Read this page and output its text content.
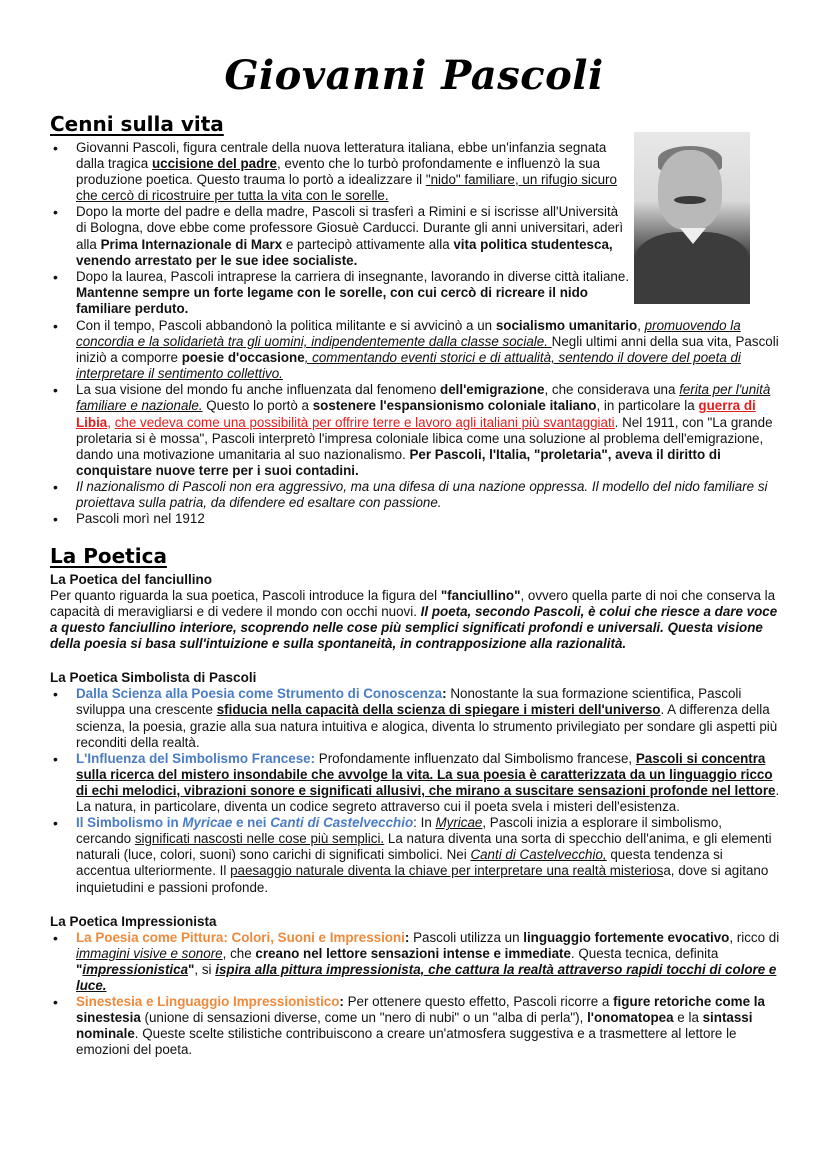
Giovanni Pascoli
Cenni sulla vita
• Giovanni Pascoli, figura centrale della nuova letteratura italiana, ebbe un'infanzia segnata dalla tragica uccisione del padre, evento che lo turbò profondamente e influenzò la sua produzione poetica. Questo trauma lo portò a idealizzare il "nido" familiare, un rifugio sicuro che cercò di ricostruire per tutta la vita con le sorelle.
• Dopo la morte del padre e della madre, Pascoli si trasferì a Rimini e si iscrisse all'Università di Bologna, dove ebbe come professore Giosuè Carducci. Durante gli anni universitari, aderì alla Prima Internazionale di Marx e partecipò attivamente alla vita politica studentesca, venendo arrestato per le sue idee socialiste.
• Dopo la laurea, Pascoli intraprese la carriera di insegnante, lavorando in diverse città italiane. Mantenne sempre un forte legame con le sorelle, con cui cercò di ricreare il nido familiare perduto.
• Con il tempo, Pascoli abbandonò la politica militante e si avvicinò a un socialismo umanitario, promuovendo la concordia e la solidarietà tra gli uomini, indipendentemente dalla classe sociale. Negli ultimi anni della sua vita, Pascoli iniziò a comporre poesie d'occasione, commentando eventi storici e di attualità, sentendo il dovere del poeta di interpretare il sentimento collettivo.
• La sua visione del mondo fu anche influenzata dal fenomeno dell'emigrazione, che considerava una ferita per l'unità familiare e nazionale. Questo lo portò a sostenere l'espansionismo coloniale italiano, in particolare la guerra di Libia, che vedeva come una possibilità per offrire terre e lavoro agli italiani più svantaggiati. Nel 1911, con "La grande proletaria si è mossa", Pascoli interpretò l'impresa coloniale libica come una soluzione al problema dell'emigrazione, dando una motivazione umanitaria al suo nazionalismo. Per Pascoli, l'Italia, "proletaria", aveva il diritto di conquistare nuove terre per i suoi contadini.
• Il nazionalismo di Pascoli non era aggressivo, ma una difesa di una nazione oppressa. Il modello del nido familiare si proiettava sulla patria, da difendere ed esaltare con passione.
• Pascoli morì nel 1912
La Poetica
La Poetica del fanciullino

Per quanto riguarda la sua poetica, Pascoli introduce la figura del "fanciullino", ovvero quella parte di noi che conserva la capacità di meravigliarsi e di vedere il mondo con occhi nuovi. Il poeta, secondo Pascoli, è colui che riesce a dare voce a questo fanciullino interiore, scoprendo nelle cose più semplici significati profondi e universali. Questa visione della poesia si basa sull'intuizione e sulla spontaneità, in contrapposizione alla razionalità.

La Poetica Simbolista di Pascoli
• Dalla Scienza alla Poesia come Strumento di Conoscenza: Nonostante la sua formazione scientifica, Pascoli sviluppa una crescente sfiducia nella capacità della scienza di spiegare i misteri dell'universo. A differenza della scienza, la poesia, grazie alla sua natura intuitiva e alogica, diventa lo strumento privilegiato per sondare gli aspetti più reconditi della realtà.
• L'Influenza del Simbolismo Francese: Profondamente influenzato dal Simbolismo francese, Pascoli si concentra sulla ricerca del mistero insondabile che avvolge la vita. La sua poesia è caratterizzata da un linguaggio ricco di echi melodici, vibrazioni sonore e significati allusivi, che mirano a suscitare sensazioni profonde nel lettore. La natura, in particolare, diventa un codice segreto attraverso cui il poeta svela i misteri dell'esistenza.
• Il Simbolismo in Myricae e nei Canti di Castelvecchio: In Myricae, Pascoli inizia a esplorare il simbolismo, cercando significati nascosti nelle cose più semplici. La natura diventa una sorta di specchio dell'anima, e gli elementi naturali (luce, colori, suoni) sono carichi di significati simbolici. Nei Canti di Castelvecchio, questa tendenza si accentua ulteriormente. Il paesaggio naturale diventa la chiave per interpretare una realtà misteriosa, dove si agitano inquietudini e passioni profonde.
La Poetica Impressionista
• La Poesia come Pittura: Colori, Suoni e Impressioni: Pascoli utilizza un linguaggio fortemente evocativo, ricco di immagini visive e sonore, che creano nel lettore sensazioni intense e immediate. Questa tecnica, definita "impressionistica", si ispira alla pittura impressionista, che cattura la realtà attraverso rapidi tocchi di colore e luce.
• Sinestesia e Linguaggio Impressionistico: Per ottenere questo effetto, Pascoli ricorre a figure retoriche come la sinestesia (unione di sensazioni diverse, come un "nero di nubi" o un "alba di perla"), l'onomatopea e la sintassi nominale. Queste scelte stilistiche contribuiscono a creare un'atmosfera suggestiva e a trasmettere al lettore le emozioni del poeta.
